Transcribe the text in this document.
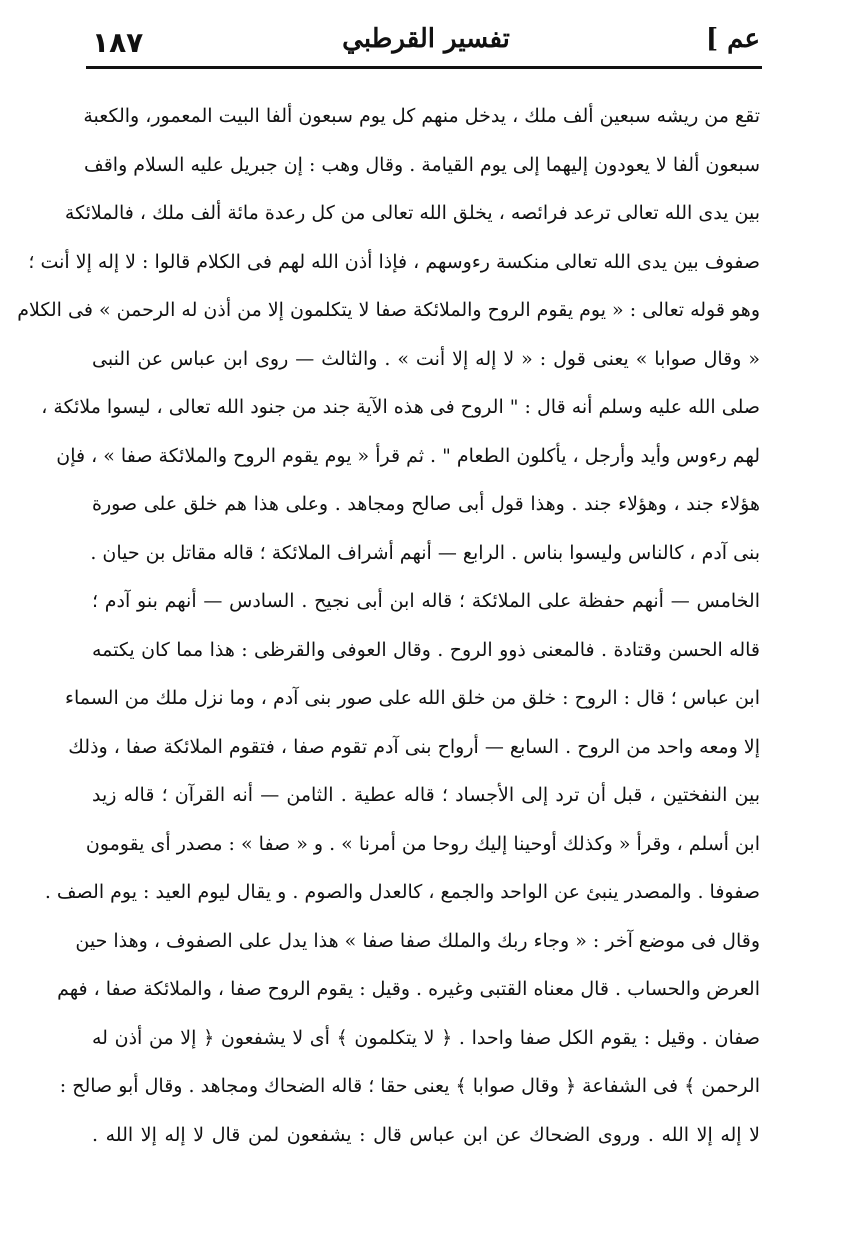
١٨٧	تفسير القرطبي	عم ]
تقع من ريشه سبعين ألف ملك ، يدخل منهم كل يوم سبعون ألفا البيت المعمور، والكعبة
سبعون ألفا لا يعودون إليهما إلى يوم القيامة . وقال وهب : إن جبريل عليه السلام واقف
بين يدى الله تعالى ترعد فرائصه ، يخلق الله تعالى من كل رعدة مائة ألف ملك ، فالملائكة
صفوف بين يدى الله تعالى منكسة رءوسهم ، فإذا أذن الله لهم فى الكلام قالوا : لا إله إلا أنت ؛
وهو قوله تعالى : « يوم يقوم الروح والملائكة صفا لا يتكلمون إلا من أذن له الرحمن » فى الكلام
« وقال صوابا » يعنى قول : « لا إله إلا أنت » . والثالث — روى ابن عباس عن النبى
صلى الله عليه وسلم أنه قال : " الروح فى هذه الآية جند من جنود الله تعالى ، ليسوا ملائكة ،
لهم رءوس وأيد وأرجل ، يأكلون الطعام " . ثم قرأ « يوم يقوم الروح والملائكة صفا » ، فإن
هؤلاء جند ، وهؤلاء جند . وهذا قول أبى صالح ومجاهد . وعلى هذا هم خلق على صورة
بنى آدم ، كالناس وليسوا بناس . الرابع — أنهم أشراف الملائكة ؛ قاله مقاتل بن حيان .
الخامس — أنهم حفظة على الملائكة ؛ قاله ابن أبى نجيح . السادس — أنهم بنو آدم ؛
قاله الحسن وقتادة . فالمعنى ذوو الروح . وقال العوفى والقرظى : هذا مما كان يكتمه
ابن عباس ؛ قال : الروح : خلق من خلق الله على صور بنى آدم ، وما نزل ملك من السماء
إلا ومعه واحد من الروح . السابع — أرواح بنى آدم تقوم صفا ، فتقوم الملائكة صفا ، وذلك
بين النفختين ، قبل أن ترد إلى الأجساد ؛ قاله عطية . الثامن — أنه القرآن ؛ قاله زيد
ابن أسلم ، وقرأ « وكذلك أوحينا إليك روحا من أمرنا » . و « صفا » : مصدر أى يقومون
صفوفا . والمصدر ينبئ عن الواحد والجمع ، كالعدل والصوم . و يقال ليوم العيد : يوم الصف .
وقال فى موضع آخر : « وجاء ربك والملك صفا صفا » هذا يدل على الصفوف ، وهذا حين
العرض والحساب . قال معناه القتبى وغيره . وقيل : يقوم الروح صفا ، والملائكة صفا ، فهم
صفان . وقيل : يقوم الكل صفا واحدا . ﴿ لا يتكلمون ﴾ أى لا يشفعون ﴿ إلا من أذن له
الرحمن ﴾ فى الشفاعة ﴿ وقال صوابا ﴾ يعنى حقا ؛ قاله الضحاك ومجاهد . وقال أبو صالح :
لا إله إلا الله . وروى الضحاك عن ابن عباس قال : يشفعون لمن قال لا إله إلا الله .
